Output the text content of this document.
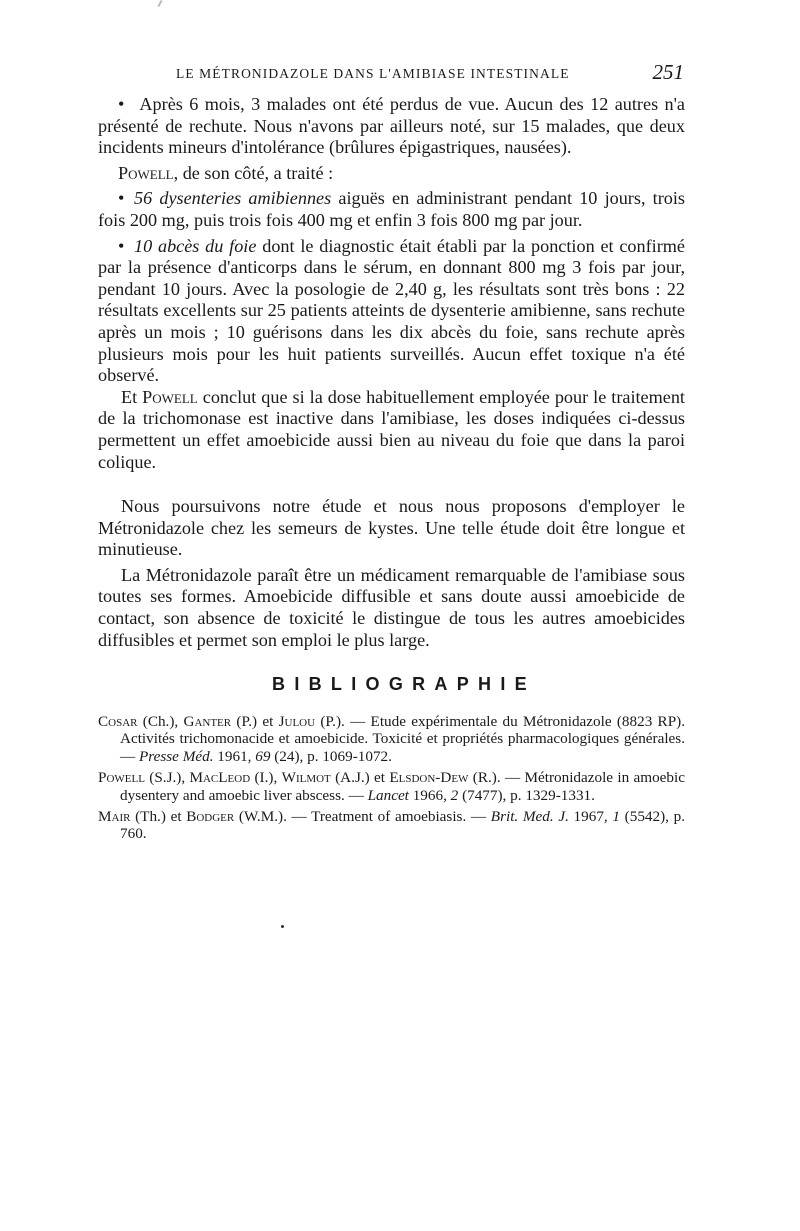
LE MÉTRONIDAZOLE DANS L'AMIBIASE INTESTINALE	251

• Après 6 mois, 3 malades ont été perdus de vue. Aucun des 12 autres n'a présenté de rechute. Nous n'avons par ailleurs noté, sur 15 malades, que deux incidents mineurs d'intolérance (brûlures épigastriques, nausées).

Powell, de son côté, a traité :

• 56 dysenteries amibiennes aiguës en administrant pendant 10 jours, trois fois 200 mg, puis trois fois 400 mg et enfin 3 fois 800 mg par jour.

• 10 abcès du foie dont le diagnostic était établi par la ponction et confirmé par la présence d'anticorps dans le sérum, en donnant 800 mg 3 fois par jour, pendant 10 jours. Avec la posologie de 2,40 g, les résultats sont très bons : 22 résultats excellents sur 25 patients atteints de dysenterie amibienne, sans rechute après un mois ; 10 guérisons dans les dix abcès du foie, sans rechute après plusieurs mois pour les huit patients surveillés. Aucun effet toxique n'a été observé.

Et Powell conclut que si la dose habituellement employée pour le traitement de la trichomonase est inactive dans l'amibiase, les doses indiquées ci-dessus permettent un effet amoebicide aussi bien au niveau du foie que dans la paroi colique.

Nous poursuivons notre étude et nous nous proposons d'employer le Métronidazole chez les semeurs de kystes. Une telle étude doit être longue et minutieuse.

La Métronidazole paraît être un médicament remarquable de l'amibiase sous toutes ses formes. Amoebicide diffusible et sans doute aussi amoebicide de contact, son absence de toxicité le distingue de tous les autres amoebicides diffusibles et permet son emploi le plus large.

BIBLIOGRAPHIE

Cosar (Ch.), Ganter (P.) et Julou (P.). — Etude expérimentale du Métronidazole (8823 RP). Activités trichomonacide et amoebicide. Toxicité et propriétés pharmacologiques générales. — Presse Méd. 1961, 69 (24), p. 1069-1072.

Powell (S.J.), MacLeod (I.), Wilmot (A.J.) et Elsdon-Dew (R.). — Métronidazole in amoebic dysentery and amoebic liver abscess. — Lancet 1966, 2 (7477), p. 1329-1331.

Mair (Th.) et Bodger (W.M.). — Treatment of amoebiasis. — Brit. Med. J. 1967, 1 (5542), p. 760.
